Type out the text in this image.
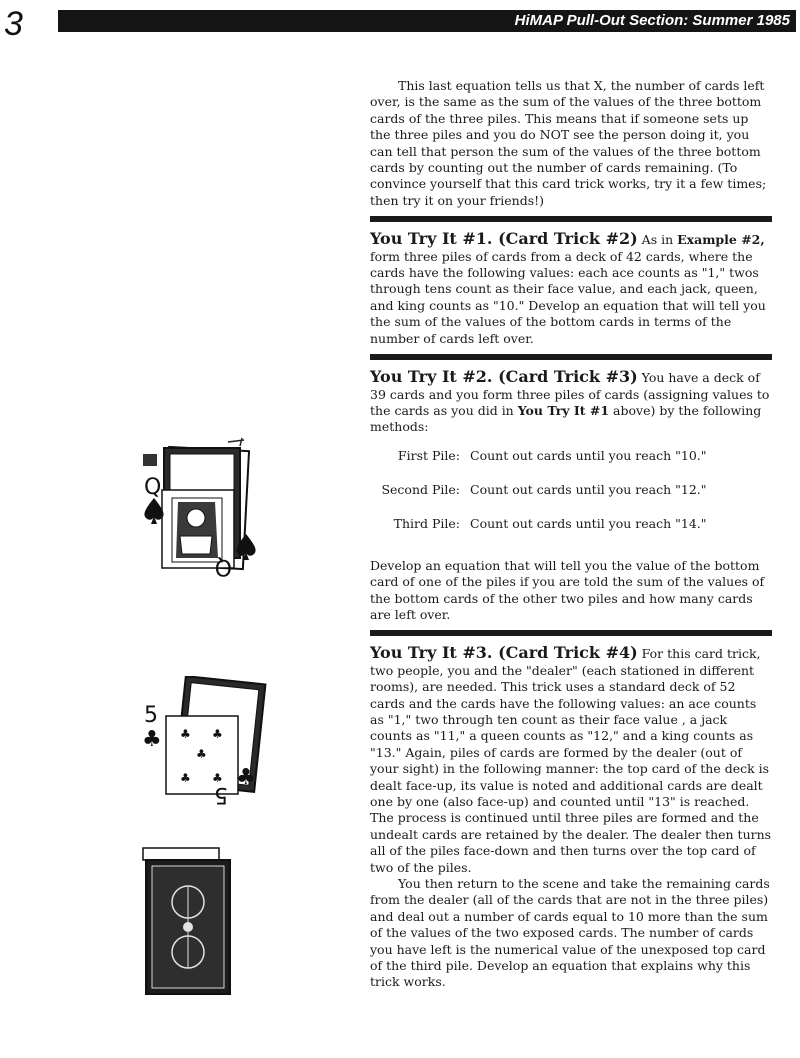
3	HiMAP Pull-Out Section: Summer 1985
Q
Q
♣ ♣
♣
♣ ♣
5
5
♣
♣

This last equation tells us that X, the number of cards left over, is the same as the sum of the values of the three bottom cards of the three piles. This means that if someone sets up the three piles and you do NOT see the person doing it, you can tell that person the sum of the values of the three bottom cards by counting out the number of cards remaining. (To convince yourself that this card trick works, try it a few times; then try it on your friends!)

You Try It #1. (Card Trick #2) As in Example #2, form three piles of cards from a deck of 42 cards, where the cards have the following values: each ace counts as "1," twos through tens count as their face value, and each jack, queen, and king counts as "10." Develop an equation that will tell you the sum of the values of the bottom cards in terms of the number of cards left over.

You Try It #2. (Card Trick #3) You have a deck of 39 cards and you form three piles of cards (assigning values to the cards as you did in You Try It #1 above) by the following methods:

First Pile: Count out cards until you reach "10."
Second Pile: Count out cards until you reach "12."
Third Pile: Count out cards until you reach "14."

Develop an equation that will tell you the value of the bottom card of one of the piles if you are told the sum of the values of the bottom cards of the other two piles and how many cards are left over.

You Try It #3. (Card Trick #4) For this card trick, two people, you and the "dealer" (each stationed in different rooms), are needed. This trick uses a standard deck of 52 cards and the cards have the following values: an ace counts as "1," two through ten count as their face value , a jack counts as "11," a queen counts as "12," and a king counts as "13." Again, piles of cards are formed by the dealer (out of your sight) in the following manner: the top card of the deck is dealt face-up, its value is noted and additional cards are dealt one by one (also face-up) and counted until "13" is reached. The process is continued until three piles are formed and the undealt cards are retained by the dealer. The dealer then turns all of the piles face-down and then turns over the top card of two of the piles.

You then return to the scene and take the remaining cards from the dealer (all of the cards that are not in the three piles) and deal out a number of cards equal to 10 more than the sum of the values of the two exposed cards. The number of cards you have left is the numerical value of the unexposed top card of the third pile. Develop an equation that explains why this trick works.
